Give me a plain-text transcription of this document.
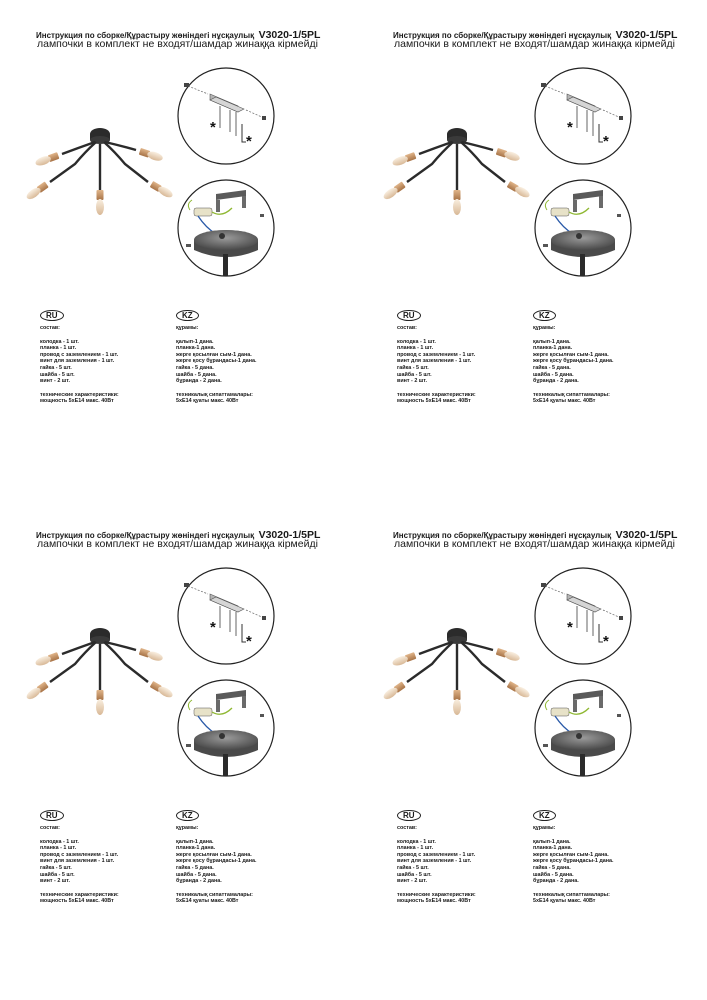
Инструкция по сборке/Құрастыру жөніндегі нұсқаулық V3020-1/5PL
лампочки в комплект не входят/шамдар жинаққа кірмейді
RU
состав:
колодка - 1 шт.
планка - 1 шт.
провод с заземлением - 1 шт.
винт для заземления - 1 шт.
гайка - 5 шт.
шайба - 5 шт.
винт - 2 шт.
технические характеристики:
мощность 5хЕ14 макс. 40Вт
KZ
құрамы:
қалып-1 дана.
планка-1 дана.
жерге қосылған сым-1 дана.
жерге қосу бұрандасы-1 дана.
гайка - 5 дана.
шайба - 5 дана.
бұранда - 2 дана.
техникалық сипаттамалары:
5хЕ14 қуаты макс. 40Вт
Инструкция по сборке/Құрастыру жөніндегі нұсқаулық V3020-1/5PL
лампочки в комплект не входят/шамдар жинаққа кірмейді
RU
состав:
колодка - 1 шт.
планка - 1 шт.
провод с заземлением - 1 шт.
винт для заземления - 1 шт.
гайка - 5 шт.
шайба - 5 шт.
винт - 2 шт.
технические характеристики:
мощность 5хЕ14 макс. 40Вт
KZ
құрамы:
қалып-1 дана.
планка-1 дана.
жерге қосылған сым-1 дана.
жерге қосу бұрандасы-1 дана.
гайка - 5 дана.
шайба - 5 дана.
бұранда - 2 дана.
техникалық сипаттамалары:
5хЕ14 қуаты макс. 40Вт
Инструкция по сборке/Құрастыру жөніндегі нұсқаулық V3020-1/5PL
лампочки в комплект не входят/шамдар жинаққа кірмейді
RU
состав:
колодка - 1 шт.
планка - 1 шт.
провод с заземлением - 1 шт.
винт для заземления - 1 шт.
гайка - 5 шт.
шайба - 5 шт.
винт - 2 шт.
технические характеристики:
мощность 5хЕ14 макс. 40Вт
KZ
құрамы:
қалып-1 дана.
планка-1 дана.
жерге қосылған сым-1 дана.
жерге қосу бұрандасы-1 дана.
гайка - 5 дана.
шайба - 5 дана.
бұранда - 2 дана.
техникалық сипаттамалары:
5хЕ14 қуаты макс. 40Вт
Инструкция по сборке/Құрастыру жөніндегі нұсқаулық V3020-1/5PL
лампочки в комплект не входят/шамдар жинаққа кірмейді
RU
состав:
колодка - 1 шт.
планка - 1 шт.
провод с заземлением - 1 шт.
винт для заземления - 1 шт.
гайка - 5 шт.
шайба - 5 шт.
винт - 2 шт.
технические характеристики:
мощность 5хЕ14 макс. 40Вт
KZ
құрамы:
қалып-1 дана.
планка-1 дана.
жерге қосылған сым-1 дана.
жерге қосу бұрандасы-1 дана.
гайка - 5 дана.
шайба - 5 дана.
бұранда - 2 дана.
техникалық сипаттамалары:
5хЕ14 қуаты макс. 40Вт
